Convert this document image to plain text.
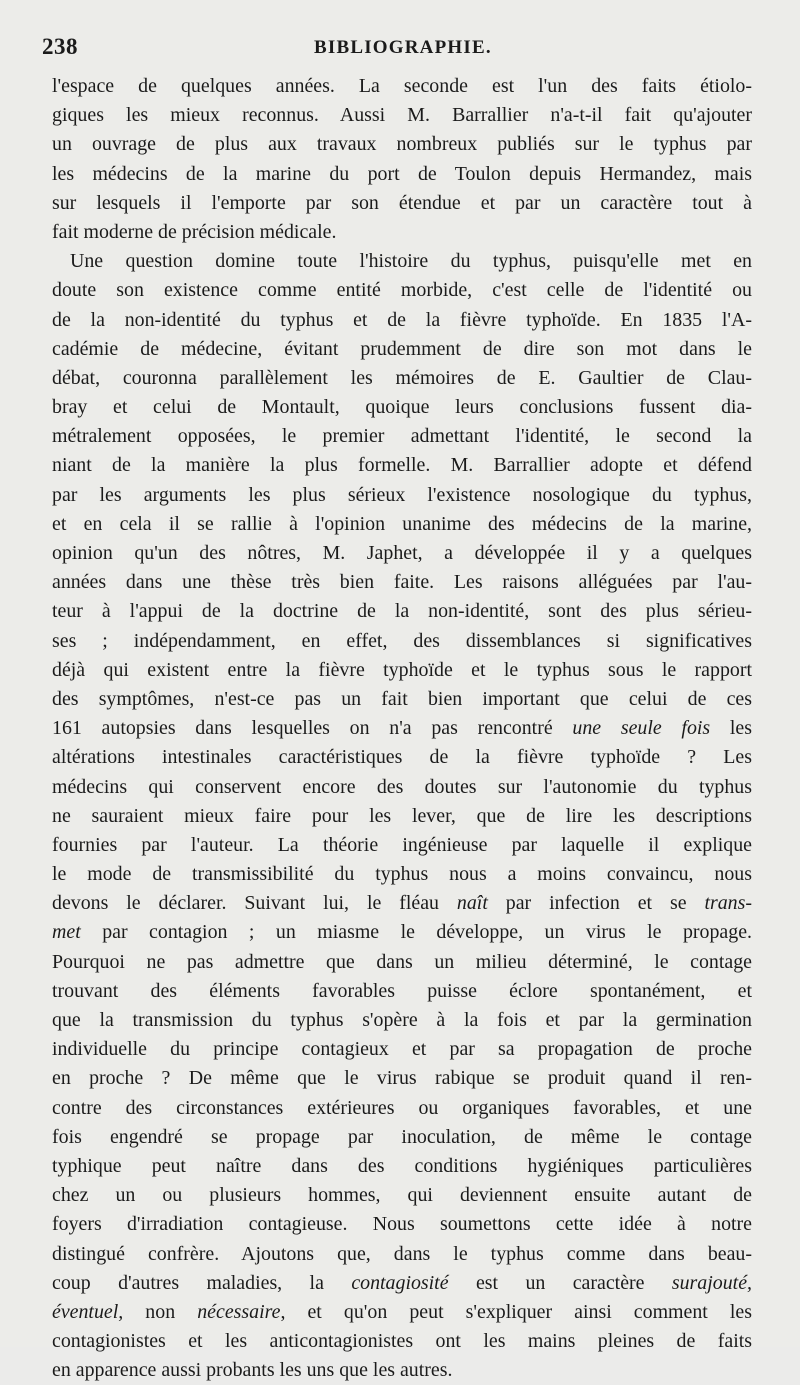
238	BIBLIOGRAPHIE.
l'espace de quelques années. La seconde est l'un des faits étiolo-
giques les mieux reconnus. Aussi M. Barrallier n'a-t-il fait qu'ajouter
un ouvrage de plus aux travaux nombreux publiés sur le typhus par
les médecins de la marine du port de Toulon depuis Hermandez, mais
sur lesquels il l'emporte par son étendue et par un caractère tout à
fait moderne de précision médicale.
Une question domine toute l'histoire du typhus, puisqu'elle met en
doute son existence comme entité morbide, c'est celle de l'identité ou
de la non-identité du typhus et de la fièvre typhoïde. En 1835 l'A-
cadémie de médecine, évitant prudemment de dire son mot dans le
débat, couronna parallèlement les mémoires de E. Gaultier de Clau-
bray et celui de Montault, quoique leurs conclusions fussent dia-
métralement opposées, le premier admettant l'identité, le second la
niant de la manière la plus formelle. M. Barrallier adopte et défend
par les arguments les plus sérieux l'existence nosologique du typhus,
et en cela il se rallie à l'opinion unanime des médecins de la marine,
opinion qu'un des nôtres, M. Japhet, a développée il y a quelques
années dans une thèse très bien faite. Les raisons alléguées par l'au-
teur à l'appui de la doctrine de la non-identité, sont des plus sérieu-
ses ; indépendamment, en effet, des dissemblances si significatives
déjà qui existent entre la fièvre typhoïde et le typhus sous le rapport
des symptômes, n'est-ce pas un fait bien important que celui de ces
161 autopsies dans lesquelles on n'a pas rencontré une seule fois les
altérations intestinales caractéristiques de la fièvre typhoïde ? Les
médecins qui conservent encore des doutes sur l'autonomie du typhus
ne sauraient mieux faire pour les lever, que de lire les descriptions
fournies par l'auteur. La théorie ingénieuse par laquelle il explique
le mode de transmissibilité du typhus nous a moins convaincu, nous
devons le déclarer. Suivant lui, le fléau naît par infection et se trans-
met par contagion ; un miasme le développe, un virus le propage.
Pourquoi ne pas admettre que dans un milieu déterminé, le contage
trouvant des éléments favorables puisse éclore spontanément, et
que la transmission du typhus s'opère à la fois et par la germination
individuelle du principe contagieux et par sa propagation de proche
en proche ? De même que le virus rabique se produit quand il ren-
contre des circonstances extérieures ou organiques favorables, et une
fois engendré se propage par inoculation, de même le contage
typhique peut naître dans des conditions hygiéniques particulières
chez un ou plusieurs hommes, qui deviennent ensuite autant de
foyers d'irradiation contagieuse. Nous soumettons cette idée à notre
distingué confrère. Ajoutons que, dans le typhus comme dans beau-
coup d'autres maladies, la contagiosité est un caractère surajouté,
éventuel, non nécessaire, et qu'on peut s'expliquer ainsi comment les
contagionistes et les anticontagionistes ont les mains pleines de faits
en apparence aussi probants les uns que les autres.
